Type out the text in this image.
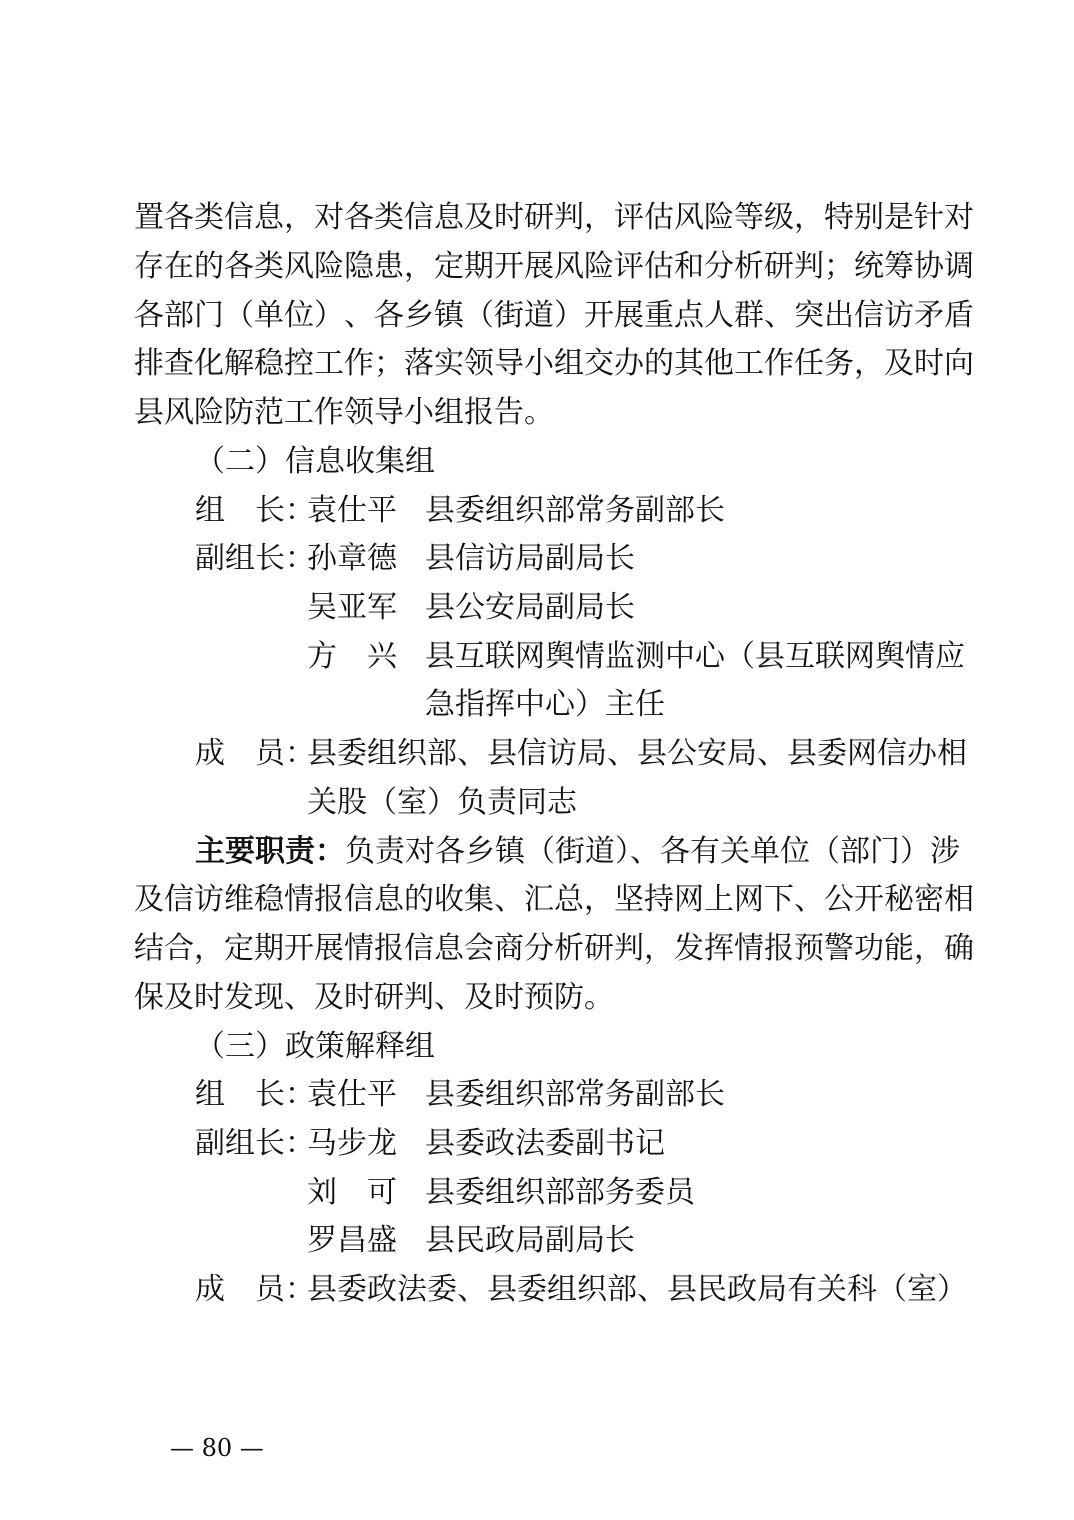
置 各 类 信 息 ， 对 各 类 信 息 及 时 研 判 ， 评 估 风 险 等 级 ， 特 别 是 针 对
存 在 的 各 类 风 险 隐 患 ， 定 期 开 展 风 险 评 估 和 分 析 研 判 ； 统 筹 协 调
各 部 门 （ 单 位 ） 、 各 乡 镇 （ 街 道 ） 开 展 重 点 人 群 、 突 出 信 访 矛 盾
排 查 化 解 稳 控 工 作 ； 落 实 领 导 小 组 交 办 的 其 他 工 作 任 务 ， 及 时 向
县风险防范工作领导小组报告。
（二）信息收集组
组　长：
袁仕平 县委组织部常务副部长
副组长：
孙章德 县信访局副局长
吴亚军 县公安局副局长
方　兴 县互联网舆情监测中心（县互联网舆情应
急指挥中心）主任
成　员：
县委组织部、县信访局、县公安局、县委网信办相
关股（室）负责同志
主要职责：负责对各乡镇（街道）、各有关单位（部门）涉
及 信 访 维 稳 情 报 信 息 的 收 集 、 汇 总 ， 坚 持 网 上 网 下 、 公 开 秘 密 相
结 合 ， 定 期 开 展 情 报 信 息 会 商 分 析 研 判 ， 发 挥 情 报 预 警 功 能 ， 确
保及时发现、及时研判、及时预防。
（三）政策解释组
组　长：
袁仕平 县委组织部常务副部长
副组长：
马步龙 县委政法委副书记
刘　可 县委组织部部务委员
罗昌盛 县民政局副局长
成　员：
县委政法委、县委组织部、县民政局有关科（室）
— 80 —
